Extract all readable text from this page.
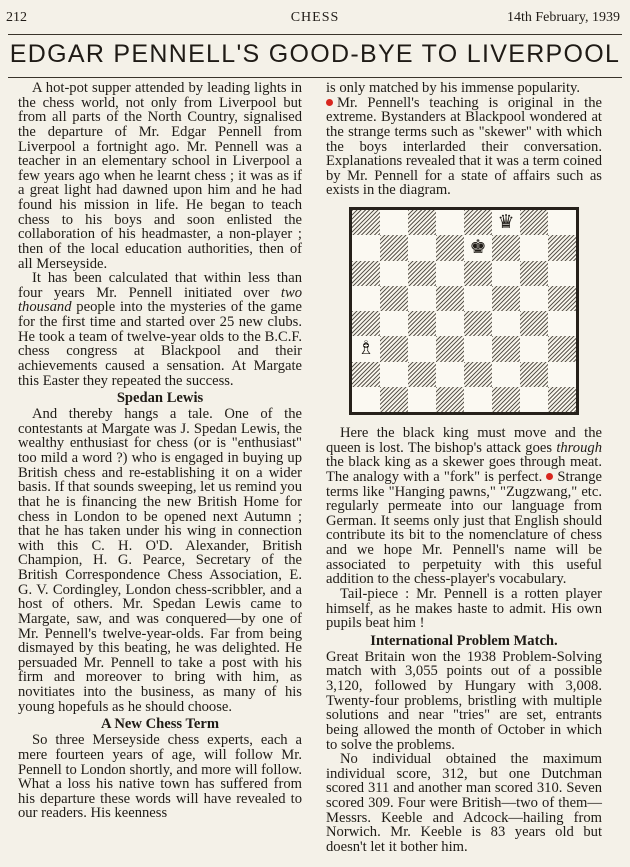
212	CHESS	14th February, 1939
EDGAR PENNELL'S GOOD-BYE TO LIVERPOOL

A hot-pot supper attended by leading lights in the chess world, not only from Liverpool but from all parts of the North Country, signalised the departure of Mr. Edgar Pennell from Liverpool a fortnight ago. Mr. Pennell was a teacher in an elementary school in Liverpool a few years ago when he learnt chess ; it was as if a great light had dawned upon him and he had found his mission in life. He began to teach chess to his boys and soon enlisted the collaboration of his headmaster, a non-player ; then of the local education authorities, then of all Merseyside.

It has been calculated that within less than four years Mr. Pennell initiated over two thousand people into the mysteries of the game for the first time and started over 25 new clubs. He took a team of twelve-year olds to the B.C.F. chess congress at Blackpool and their achievements caused a sensation. At Margate this Easter they repeated the success.

Spedan Lewis

And thereby hangs a tale. One of the contestants at Margate was J. Spedan Lewis, the wealthy enthusiast for chess (or is "enthusiast" too mild a word ?) who is engaged in buying up British chess and re-establishing it on a wider basis. If that sounds sweeping, let us remind you that he is financing the new British Home for chess in London to be opened next Autumn ; that he has taken under his wing in connection with this C. H. O'D. Alexander, British Champion, H. G. Pearce, Secretary of the British Correspondence Chess Association, E. G. V. Cordingley, London chess-scribbler, and a host of others. Mr. Spedan Lewis came to Margate, saw, and was conquered—by one of Mr. Pennell's twelve-year-olds. Far from being dismayed by this beating, he was delighted. He persuaded Mr. Pennell to take a post with his firm and moreover to bring with him, as novitiates into the business, as many of his young hopefuls as he should choose.

A New Chess Term

So three Merseyside chess experts, each a mere fourteen years of age, will follow Mr. Pennell to London shortly, and more will follow. What a loss his native town has suffered from his departure these words will have revealed to our readers. His keenness

is only matched by his immense popularity.

Mr. Pennell's teaching is original in the extreme. Bystanders at Blackpool wondered at the strange terms such as "skewer" with which the boys interlarded their conversation. Explanations revealed that it was a term coined by Mr. Pennell for a state of affairs such as exists in the diagram.

♛
♚
♗

Here the black king must move and the queen is lost. The bishop's attack goes through the black king as a skewer goes through meat. The analogy with a "fork" is perfect. Strange terms like "Hanging pawns," "Zugzwang," etc. regularly permeate into our language from German. It seems only just that English should contribute its bit to the nomenclature of chess and we hope Mr. Pennell's name will be associated to perpetuity with this useful addition to the chess-player's vocabulary.

Tail-piece : Mr. Pennell is a rotten player himself, as he makes haste to admit. His own pupils beat him !

International Problem Match.

Great Britain won the 1938 Problem-Solving match with 3,055 points out of a possible 3,120, followed by Hungary with 3,008. Twenty-four problems, bristling with multiple solutions and near "tries" are set, entrants being allowed the month of October in which to solve the problems.

No individual obtained the maximum individual score, 312, but one Dutchman scored 311 and another man scored 310. Seven scored 309. Four were British—two of them—Messrs. Keeble and Adcock—hailing from Norwich. Mr. Keeble is 83 years old but doesn't let it bother him.
